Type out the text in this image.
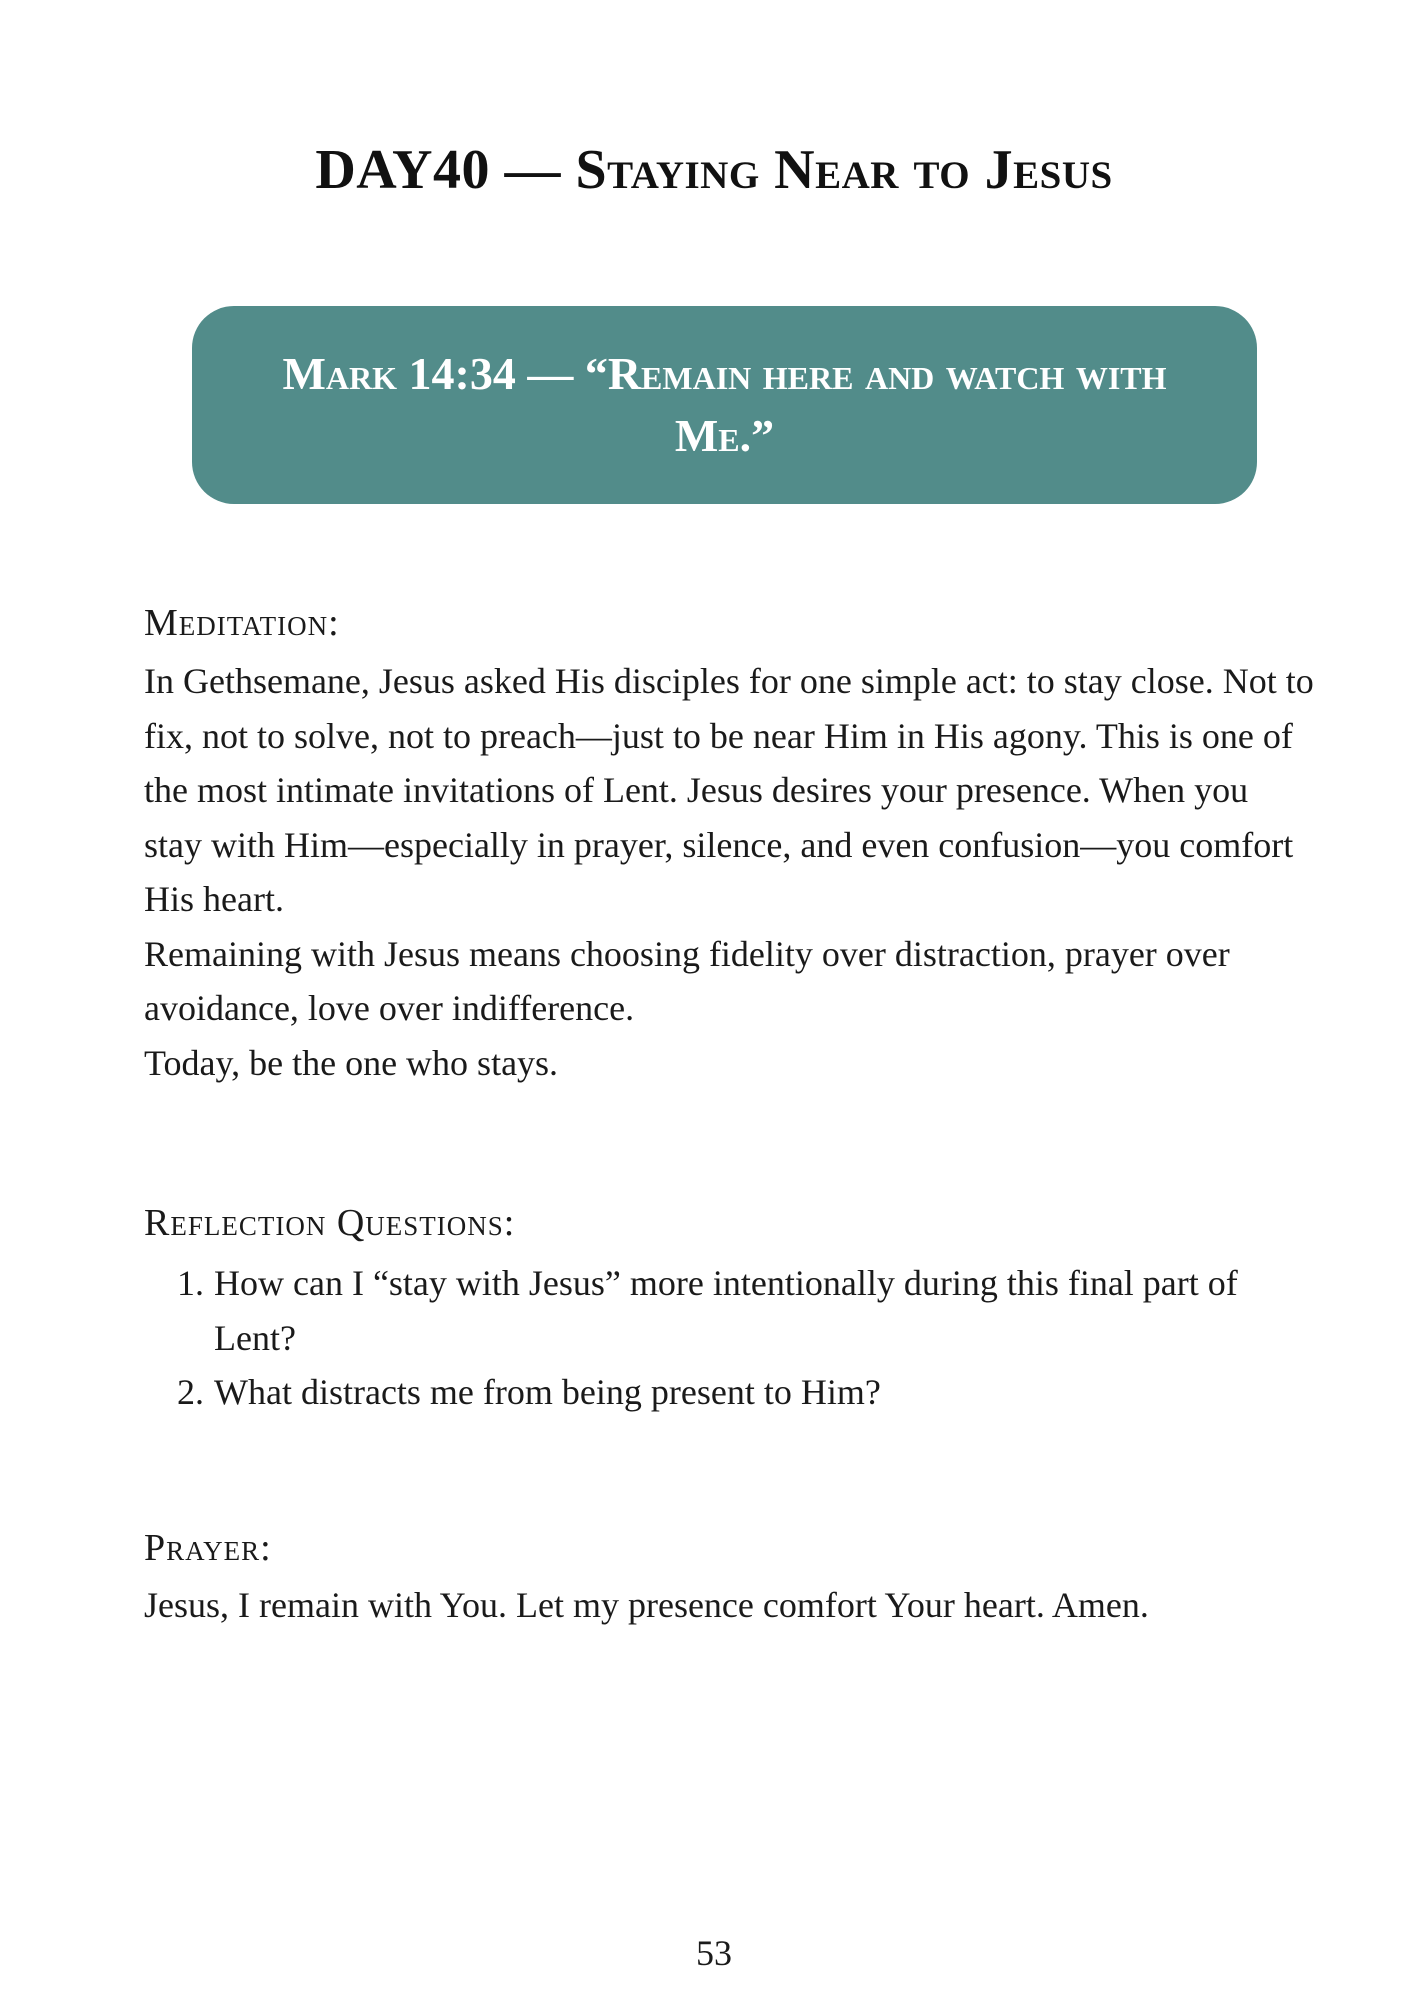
DAY40 — Staying Near to Jesus

Mark 14:34 — “Remain here and watch with Me.”

Meditation:

In Gethsemane, Jesus asked His disciples for one simple act: to stay close. Not to fix, not to solve, not to preach—just to be near Him in His agony. This is one of the most intimate invitations of Lent. Jesus desires your presence. When you stay with Him—especially in prayer, silence, and even confusion—you comfort His heart.

Remaining with Jesus means choosing fidelity over distraction, prayer over avoidance, love over indifference.

Today, be the one who stays.

Reflection Questions:

1. How can I “stay with Jesus” more intentionally during this final part of Lent?
2. What distracts me from being present to Him?

Prayer:

Jesus, I remain with You. Let my presence comfort Your heart. Amen.

53
